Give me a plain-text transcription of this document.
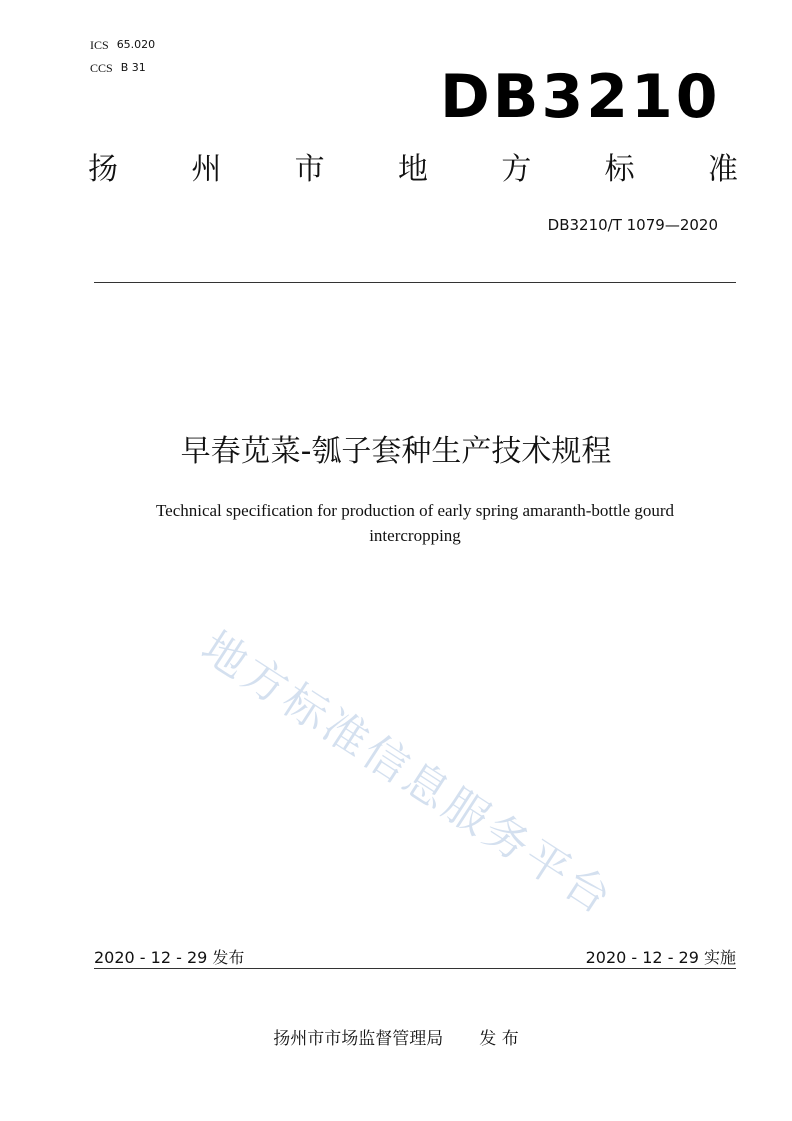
ICS 65.020
CCS B 31	DB3210
扬 州 市 地 方 标 准
DB3210/T 1079—2020
早春苋菜-瓠子套种生产技术规程
Technical specification for production of early spring amaranth-bottle gourd
intercropping
地方标准信息服务平台
2020 - 12 - 29 发布	2020 - 12 - 29 实施
扬州市市场监督管理局 发 布
